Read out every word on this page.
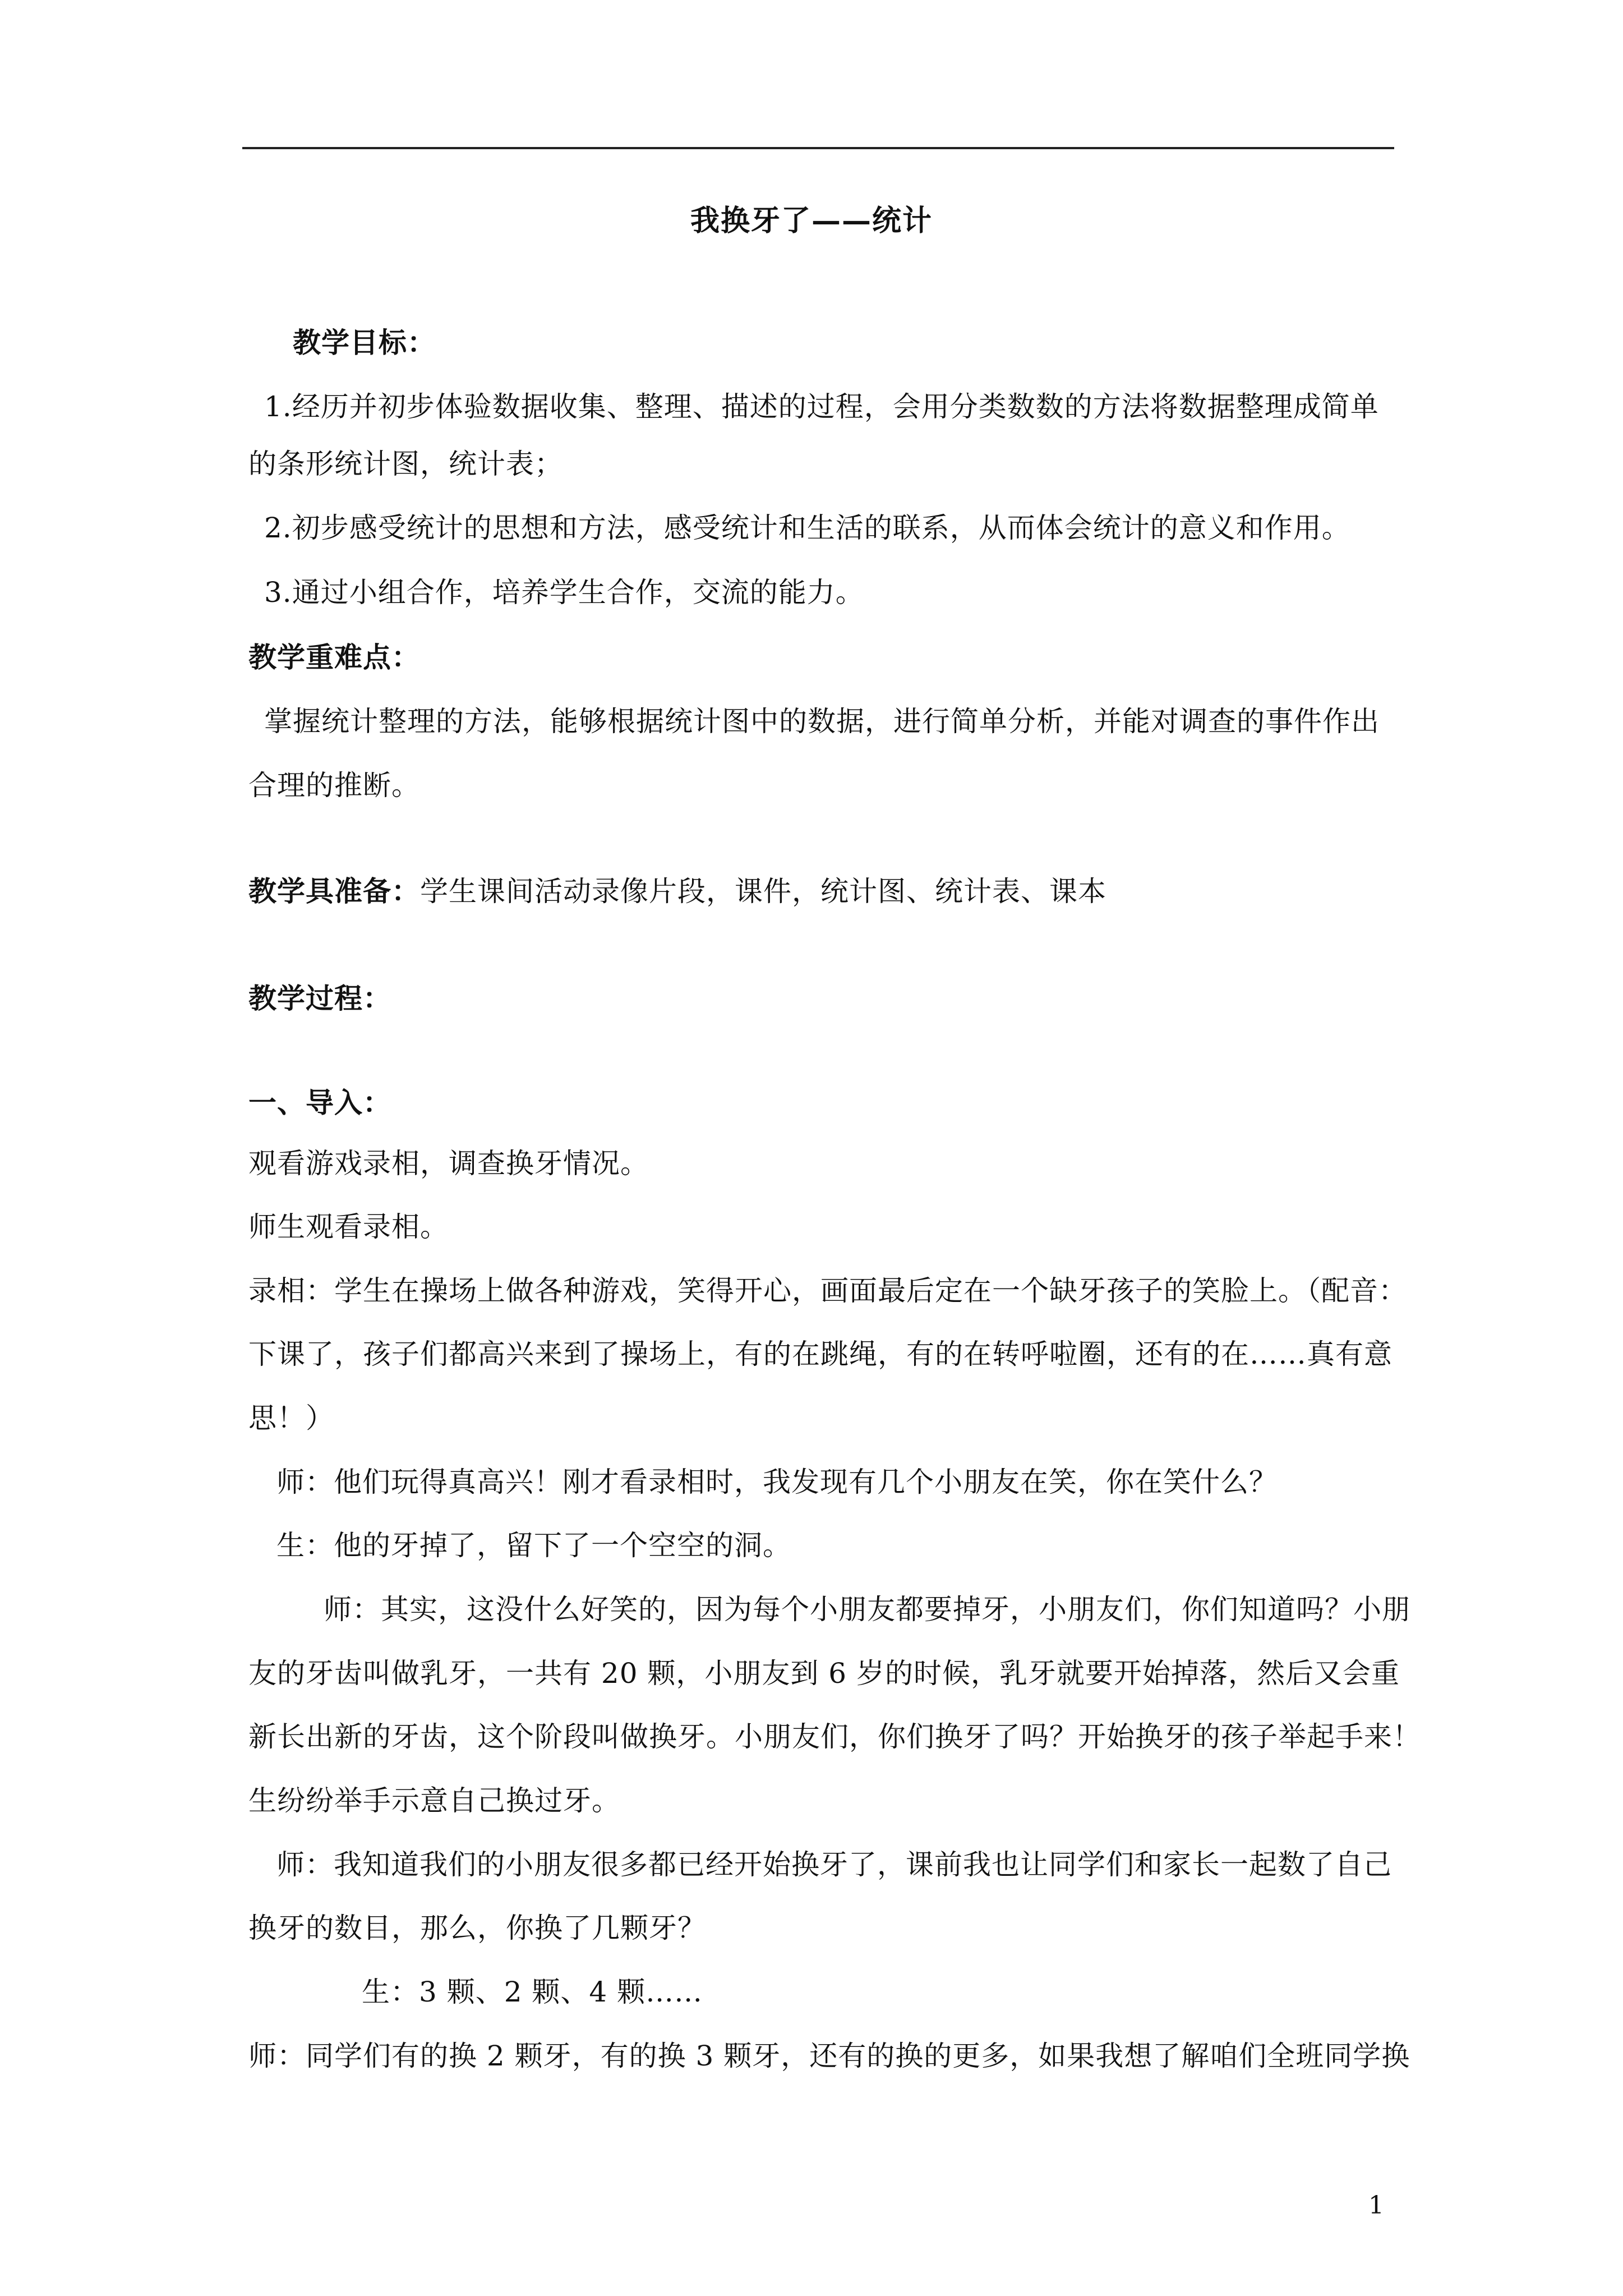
我换牙了——统计
教学目标：
1.经历并初步体验数据收集、整理、描述的过程，会用分类数数的方法将数据整理成简单
的条形统计图，统计表；
2.初步感受统计的思想和方法，感受统计和生活的联系，从而体会统计的意义和作用。
3.通过小组合作，培养学生合作，交流的能力。
教学重难点：
掌握统计整理的方法，能够根据统计图中的数据，进行简单分析，并能对调查的事件作出
合理的推断。
教学具准备：学生课间活动录像片段，课件，统计图、统计表、课本
教学过程：
一、导入：
观看游戏录相，调查换牙情况。
师生观看录相。
录相：学生在操场上做各种游戏，笑得开心，画面最后定在一个缺牙孩子的笑脸上。（配音：
下课了，孩子们都高兴来到了操场上，有的在跳绳，有的在转呼啦圈，还有的在……真有意
思！）
师：他们玩得真高兴！刚才看录相时，我发现有几个小朋友在笑，你在笑什么？
生：他的牙掉了，留下了一个空空的洞。
师：其实，这没什么好笑的，因为每个小朋友都要掉牙，小朋友们，你们知道吗？小朋
友的牙齿叫做乳牙，一共有 20 颗，小朋友到 6 岁的时候，乳牙就要开始掉落，然后又会重
新长出新的牙齿，这个阶段叫做换牙。小朋友们，你们换牙了吗？开始换牙的孩子举起手来！
生纷纷举手示意自己换过牙。
师：我知道我们的小朋友很多都已经开始换牙了，课前我也让同学们和家长一起数了自己
换牙的数目，那么，你换了几颗牙？
生：3 颗、2 颗、4 颗……
师：同学们有的换 2 颗牙，有的换 3 颗牙，还有的换的更多，如果我想了解咱们全班同学换
1
